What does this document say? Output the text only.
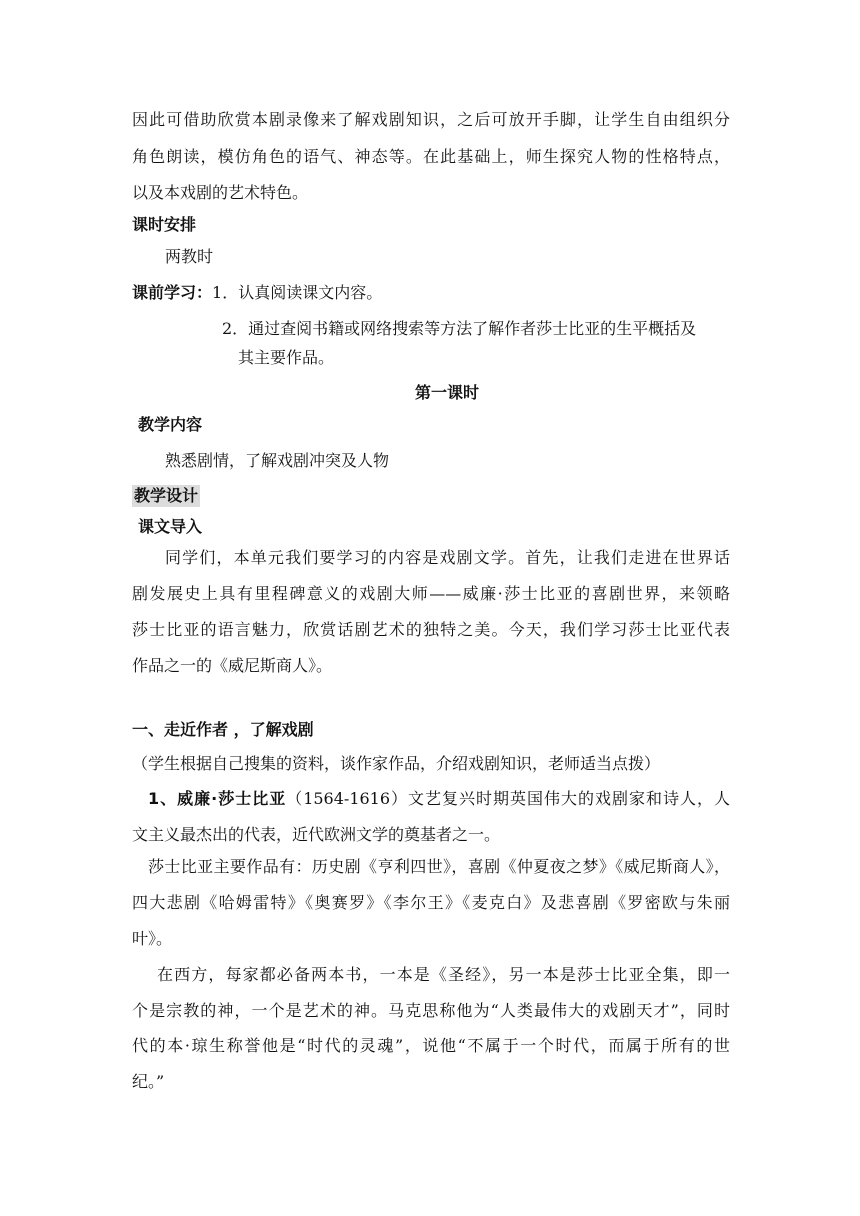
因此可借助欣赏本剧录像来了解戏剧知识，之后可放开手脚，让学生自由组织分
角色朗读，模仿角色的语气、神态等。在此基础上，师生探究人物的性格特点，
以及本戏剧的艺术特色。
课时安排
两教时
课前学习：1．认真阅读课文内容。
2．通过查阅书籍或网络搜索等方法了解作者莎士比亚的生平概括及
其主要作品。
第一课时
教学内容
熟悉剧情，了解戏剧冲突及人物
教学设计
课文导入
同学们，本单元我们要学习的内容是戏剧文学。首先，让我们走进在世界话
剧发展史上具有里程碑意义的戏剧大师——威廉·莎士比亚的喜剧世界，来领略
莎士比亚的语言魅力，欣赏话剧艺术的独特之美。今天，我们学习莎士比亚代表
作品之一的《威尼斯商人》。
一、走近作者 ，了解戏剧
（学生根据自己搜集的资料，谈作家作品，介绍戏剧知识，老师适当点拨）
1、威廉·莎士比亚（1564-1616）文艺复兴时期英国伟大的戏剧家和诗人，人
文主义最杰出的代表，近代欧洲文学的奠基者之一。
莎士比亚主要作品有：历史剧《亨利四世》，喜剧《仲夏夜之梦》《威尼斯商人》，
四大悲剧《哈姆雷特》《奥赛罗》《李尔王》《麦克白》及悲喜剧《罗密欧与朱丽
叶》。
在西方，每家都必备两本书，一本是《圣经》，另一本是莎士比亚全集，即一
个是宗教的神，一个是艺术的神。马克思称他为“人类最伟大的戏剧天才”，同时
代的本·琼生称誉他是“时代的灵魂”，说他“不属于一个时代，而属于所有的世
纪。”
